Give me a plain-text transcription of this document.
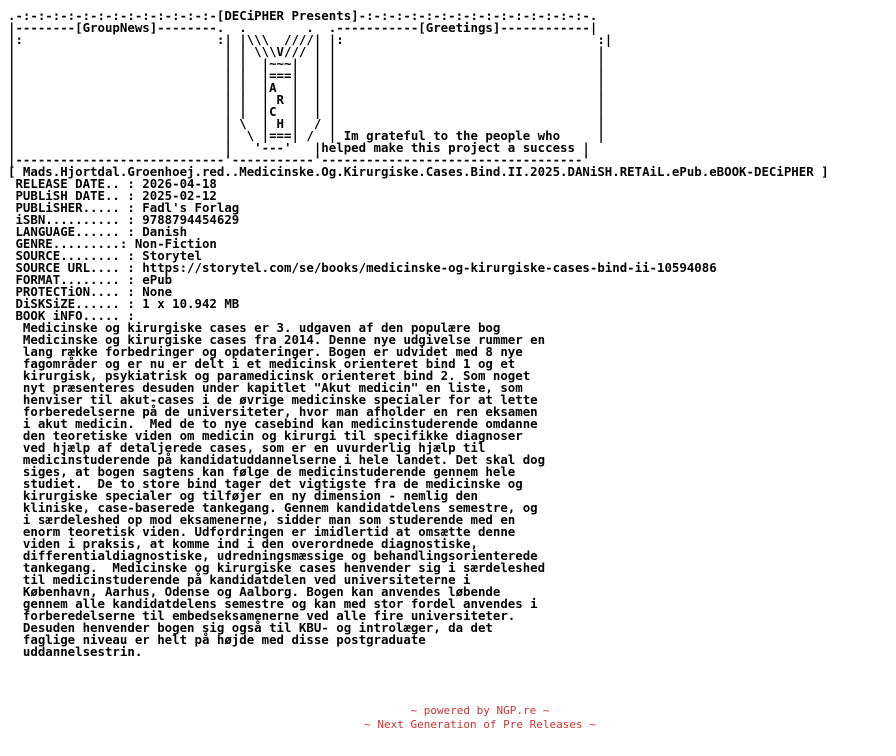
.-:-:-:-:-:-:-:-:-:-:-:-:-:-[DECiPHER Presents]-:-:-:-:-:-:-:-:-:-:-:-:-:-:-:-.
|--------[GroupNews]--------.  .        .  .-----------[Greetings]------------|
|:                          :| |\\\  ////| |:                                  :|
|                            | | \\\V/// | |                                   |
|                            | |  |~~~|  | |                                   |
|                            | |  |===|  | |                                   |
|                            | |  |A  |  | |                                   |
|                            | |  | R |  | |                                   |
|                            | |  |C  |  | |                                   |
|                            | \  | H |  / |                                   |
|                            |  \ |===| /  | Im grateful to the people who     |
|                            |   '---'   |helped make this project a success |
|----------------------------'-----------'-----------------------------------'
[ Mads.Hjortdal.Groenhoej.red..Medicinske.Og.Kirurgiske.Cases.Bind.II.2025.DANiSH.RETAiL.ePub.eBOOK-DECiPHER ]
RELEASE DATE.. : 2026-04-18
PUBLiSH DATE.. : 2025-02-12
PUBLiSHER..... : Fadl's Forlag
iSBN.......... : 9788794454629
LANGUAGE...... : Danish
GENRE.........: Non-Fiction
SOURCE........ : Storytel
SOURCE URL.... : https://storytel.com/se/books/medicinske-og-kirurgiske-cases-bind-ii-10594086
FORMAT........ : ePub
PROTECTiON.... : None
DiSKSiZE...... : 1 x 10.942 MB
BOOK iNFO..... :
Medicinske og kirurgiske cases er 3. udgaven af den populære bog
Medicinske og kirurgiske cases fra 2014. Denne nye udgivelse rummer en
lang række forbedringer og opdateringer. Bogen er udvidet med 8 nye
fagområder og er nu er delt i et medicinsk orienteret bind 1 og et
kirurgisk, psykiatrisk og paramedicinsk orienteret bind 2. Som noget
nyt præsenteres desuden under kapitlet "Akut medicin" en liste, som
henviser til akut-cases i de øvrige medicinske specialer for at lette
forberedelserne på de universiteter, hvor man afholder en ren eksamen
i akut medicin.  Med de to nye casebind kan medicinstuderende omdanne
den teoretiske viden om medicin og kirurgi til specifikke diagnoser
ved hjælp af detaljerede cases, som er en uvurderlig hjælp til
medicinstuderende på kandidatuddannelserne i hele landet. Det skal dog
siges, at bogen sagtens kan følge de medicinstuderende gennem hele
studiet.  De to store bind tager det vigtigste fra de medicinske og
kirurgiske specialer og tilføjer en ny dimension - nemlig den
kliniske, case-baserede tankegang. Gennem kandidatdelens semestre, og
i særdeleshed op mod eksamenerne, sidder man som studerende med en
enorm teoretisk viden. Udfordringen er imidlertid at omsætte denne
viden i praksis, at komme ind i den overordnede diagnostiske,
differentialdiagnostiske, udredningsmæssige og behandlingsorienterede
tankegang.  Medicinske og kirurgiske cases henvender sig i særdeleshed
til medicinstuderende på kandidatdelen ved universiteterne i
København, Aarhus, Odense og Aalborg. Bogen kan anvendes løbende
gennem alle kandidatdelens semestre og kan med stor fordel anvendes i
forberedelserne til embedseksamenerne ved alle fire universiteter.
Desuden henvender bogen sig også til KBU- og introlæger, da det
faglige niveau er helt på højde med disse postgraduate
uddannelsestrin.
~ powered by NGP.re ~
~ Next Generation of Pre Releases ~
